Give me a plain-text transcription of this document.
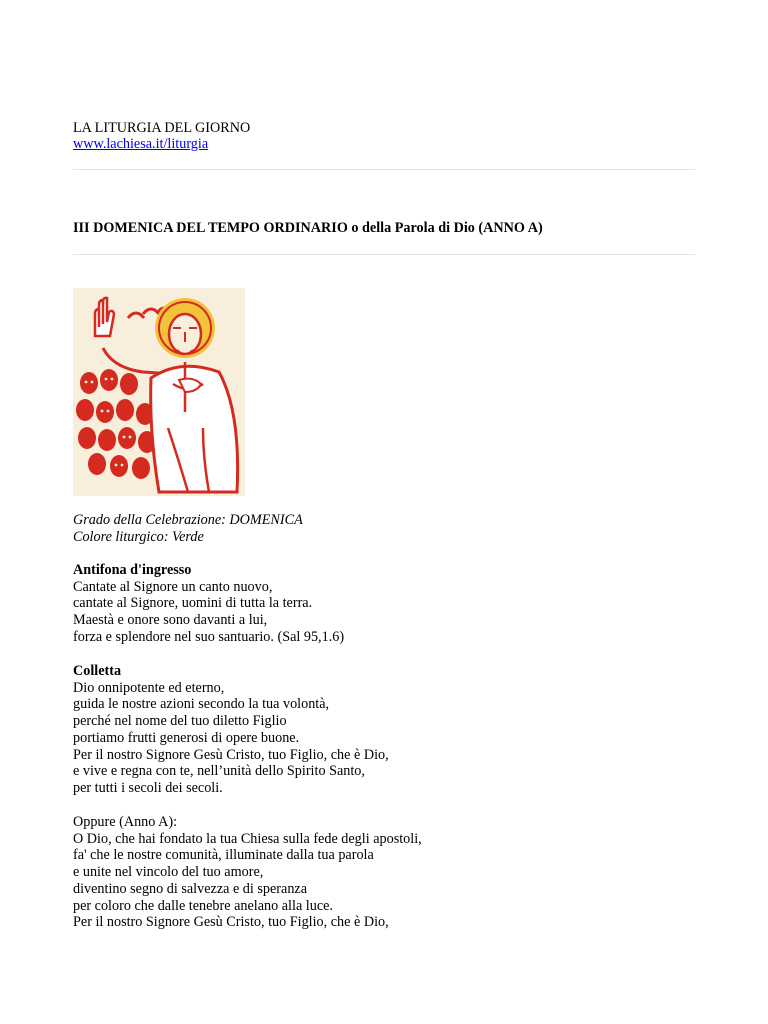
LA LITURGIA DEL GIORNO
www.lachiesa.it/liturgia
III DOMENICA DEL TEMPO ORDINARIO o della Parola di Dio (ANNO A)

Grado della Celebrazione: DOMENICA

Colore liturgico: Verde

Antifona d'ingresso

Cantate al Signore un canto nuovo,

cantate al Signore, uomini di tutta la terra.

Maestà e onore sono davanti a lui,

forza e splendore nel suo santuario. (Sal 95,1.6)

Colletta

Dio onnipotente ed eterno,

guida le nostre azioni secondo la tua volontà,

perché nel nome del tuo diletto Figlio

portiamo frutti generosi di opere buone.

Per il nostro Signore Gesù Cristo, tuo Figlio, che è Dio,

e vive e regna con te, nell’unità dello Spirito Santo,

per tutti i secoli dei secoli.

Oppure (Anno A):

O Dio, che hai fondato la tua Chiesa sulla fede degli apostoli,

fa' che le nostre comunità, illuminate dalla tua parola

e unite nel vincolo del tuo amore,

diventino segno di salvezza e di speranza

per coloro che dalle tenebre anelano alla luce.

Per il nostro Signore Gesù Cristo, tuo Figlio, che è Dio,
